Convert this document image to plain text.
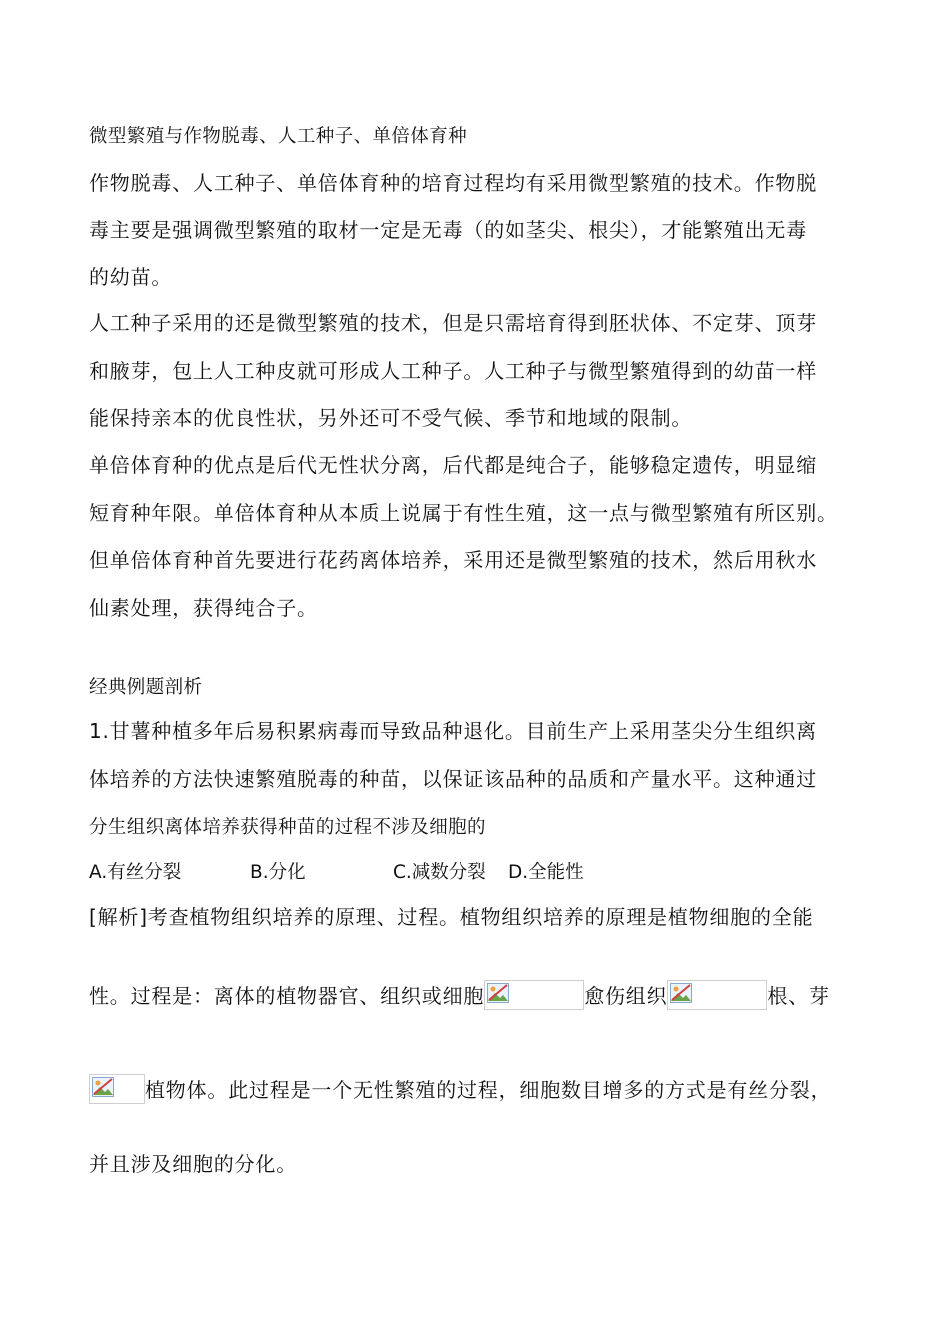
微型繁殖与作物脱毒、人工种子、单倍体育种
作物脱毒、人工种子、单倍体育种的培育过程均有采用微型繁殖的技术。作物脱
毒主要是强调微型繁殖的取材一定是无毒（的如茎尖、根尖），才能繁殖出无毒
的幼苗。
人工种子采用的还是微型繁殖的技术，但是只需培育得到胚状体、不定芽、顶芽
和腋芽，包上人工种皮就可形成人工种子。人工种子与微型繁殖得到的幼苗一样
能保持亲本的优良性状，另外还可不受气候、季节和地域的限制。
单倍体育种的优点是后代无性状分离，后代都是纯合子，能够稳定遗传，明显缩
短育种年限。单倍体育种从本质上说属于有性生殖，这一点与微型繁殖有所区别。
但单倍体育种首先要进行花药离体培养，采用还是微型繁殖的技术，然后用秋水
仙素处理，获得纯合子。
经典例题剖析
1.甘薯种植多年后易积累病毒而导致品种退化。目前生产上采用茎尖分生组织离
体培养的方法快速繁殖脱毒的种苗，以保证该品种的品质和产量水平。这种通过
分生组织离体培养获得种苗的过程不涉及细胞的
A.有丝分裂	B.分化	C.减数分裂 D.全能性
[解析]考查植物组织培养的原理、过程。植物组织培养的原理是植物细胞的全能
性。过程是：离体的植物器官、组织或细胞	愈伤组织	根、芽
植物体。此过程是一个无性繁殖的过程，细胞数目增多的方式是有丝分裂，
并且涉及细胞的分化。
